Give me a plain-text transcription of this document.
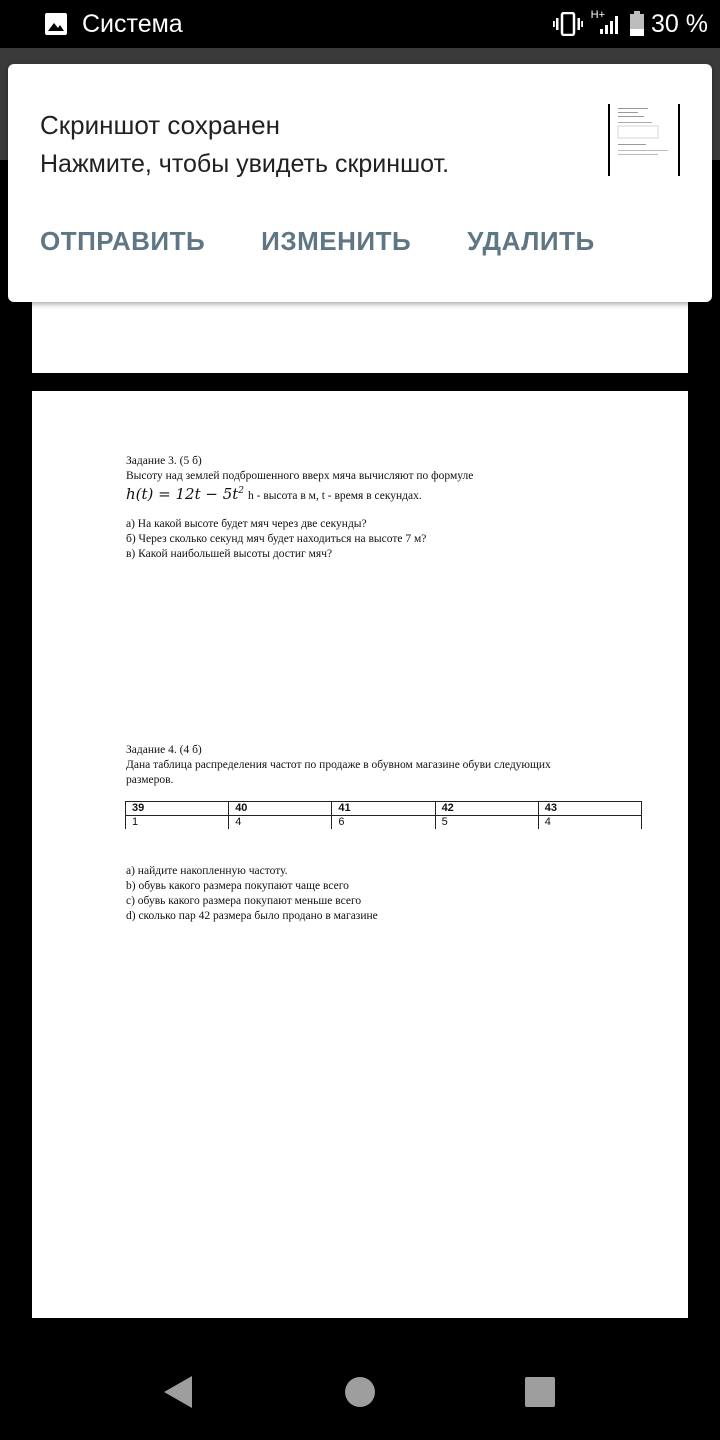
Система	H+ 30 %
Задание 3. (5 б)
Высоту над землей подброшенного вверх мяча вычисляют по формуле
$h(t) = 12t - 5t^2$ h - высота в м, t - время в секундах.
а) На какой высоте будет мяч через две секунды?
б) Через сколько секунд мяч будет находиться на высоте 7 м?
в) Какой наибольшей высоты достиг мяч?
Задание 4. (4 б)
Дана таблица распределения частот по продаже в обувном магазине обуви следующих
размеров.
39	40	41	42	43
1	4	6	5	4
a) найдите накопленную частоту.
b) обувь какого размера покупают чаще всего
c) обувь какого размера покупают меньше всего
d) сколько пар 42 размера было продано в магазине
Скриншот сохранен
Нажмите, чтобы увидеть скриншот.
ОТПРАВИТЬ ИЗМЕНИТЬ УДАЛИТЬ
